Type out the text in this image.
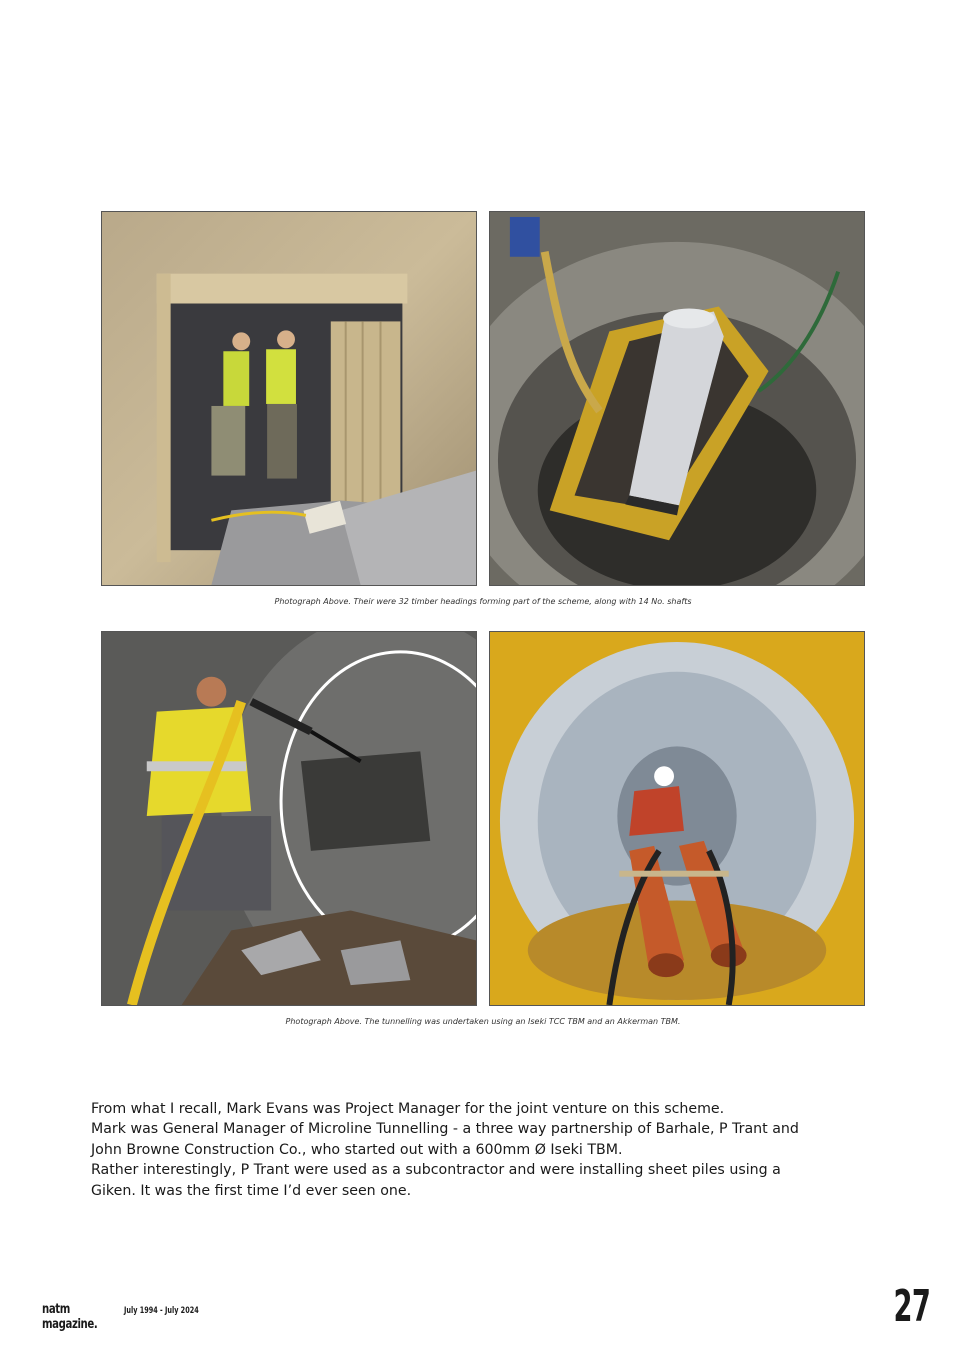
Photograph Above. Their were 32 timber headings forming part of the scheme, along with 14 No. shafts
Photograph Above. The tunnelling was undertaken using an Iseki TCC TBM and an Akkerman TBM.
From what I recall, Mark Evans was Project Manager for the joint venture on this scheme.
Mark was General Manager of Microline Tunnelling - a three way partnership of Barhale, P Trant and
John Browne Construction Co., who started out with a 600mm Ø Iseki TBM.
Rather interestingly, P Trant were used as a subcontractor and were installing sheet piles using a
Giken. It was the first time I’d ever seen one.
natm magazine.
July 1994 - July 2024	27
